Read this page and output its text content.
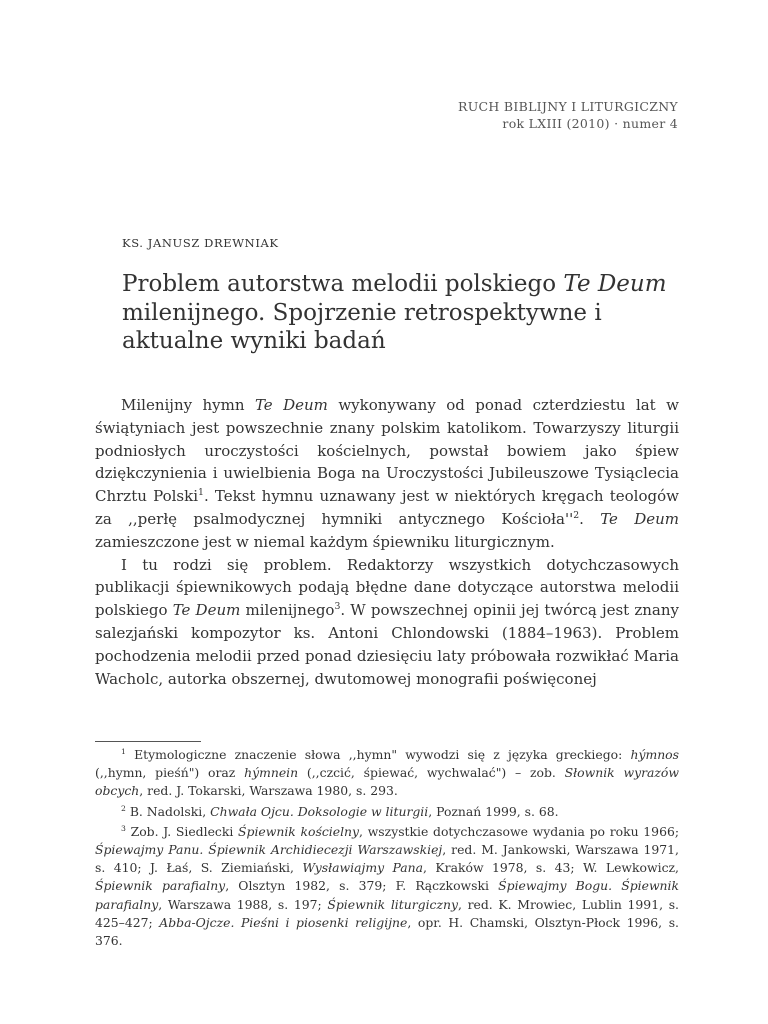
RUCH BIBLIJNY I LITURGICZNY
rok LXIII (2010) · numer 4
KS. JANUSZ DREWNIAK
Problem autorstwa melodii polskiego Te Deum milenijnego. Spojrzenie retrospektywne i aktualne wyniki badań

Milenijny hymn Te Deum wykonywany od ponad czterdziestu lat w świątyniach jest powszechnie znany polskim katolikom. Towarzyszy liturgii podniosłych uroczystości kościelnych, powstał bowiem jako śpiew dziękczynienia i uwielbienia Boga na Uroczystości Jubileuszowe Tysiąclecia Chrztu Polski$^1$. Tekst hymnu uznawany jest w niektórych kręgach teologów za ,,perłę psalmodycznej hymniki antycznego $Kościoła''^2$. Te Deum zamieszczone jest w niemal każdym śpiewniku liturgicznym.

I tu rodzi się problem. Redaktorzy wszystkich dotychczasowych publikacji śpiewnikowych podają błędne dane dotyczące autorstwa melodii polskiego Te Deum milenijnego$^3$. W powszechnej opinii jej twórcą jest znany salezjański kompozytor ks. Antoni Chlondowski (1884–1963). Problem pochodzenia melodii przed ponad dziesięciu laty próbowała rozwikłać Maria Wacholc, autorka obszernej, dwutomowej monografii poświęconej

$^1$ Etymologiczne znaczenie słowa ,,hymn" wywodzi się z języka greckiego: hýmnos (,,hymn, pieśń") oraz hýmnein (,,czcić, śpiewać, wychwalać") – zob. Słownik wyrazów obcych, red. J. Tokarski, Warszawa 1980, s. 293.

$^2$ B. Nadolski, Chwała Ojcu. Doksologie w liturgii, Poznań 1999, s. 68.

$^3$ Zob. J. Siedlecki Śpiewnik kościelny, wszystkie dotychczasowe wydania po roku 1966; Śpiewajmy Panu. Śpiewnik Archidiecezji Warszawskiej, red. M. Jankowski, Warszawa 1971, s. 410; J. Łaś, S. Ziemiański, Wysławiajmy Pana, Kraków 1978, s. 43; W. Lewkowicz, Śpiewnik parafialny, Olsztyn 1982, s. 379; F. Rączkowski Śpiewajmy Bogu. Śpiewnik parafialny, Warszawa 1988, s. 197; Śpiewnik liturgiczny, red. K. Mrowiec, Lublin 1991, s. 425–427; Abba-Ojcze. Pieśni i piosenki religijne, opr. H. Chamski, Olsztyn-Płock 1996, s. 376.
